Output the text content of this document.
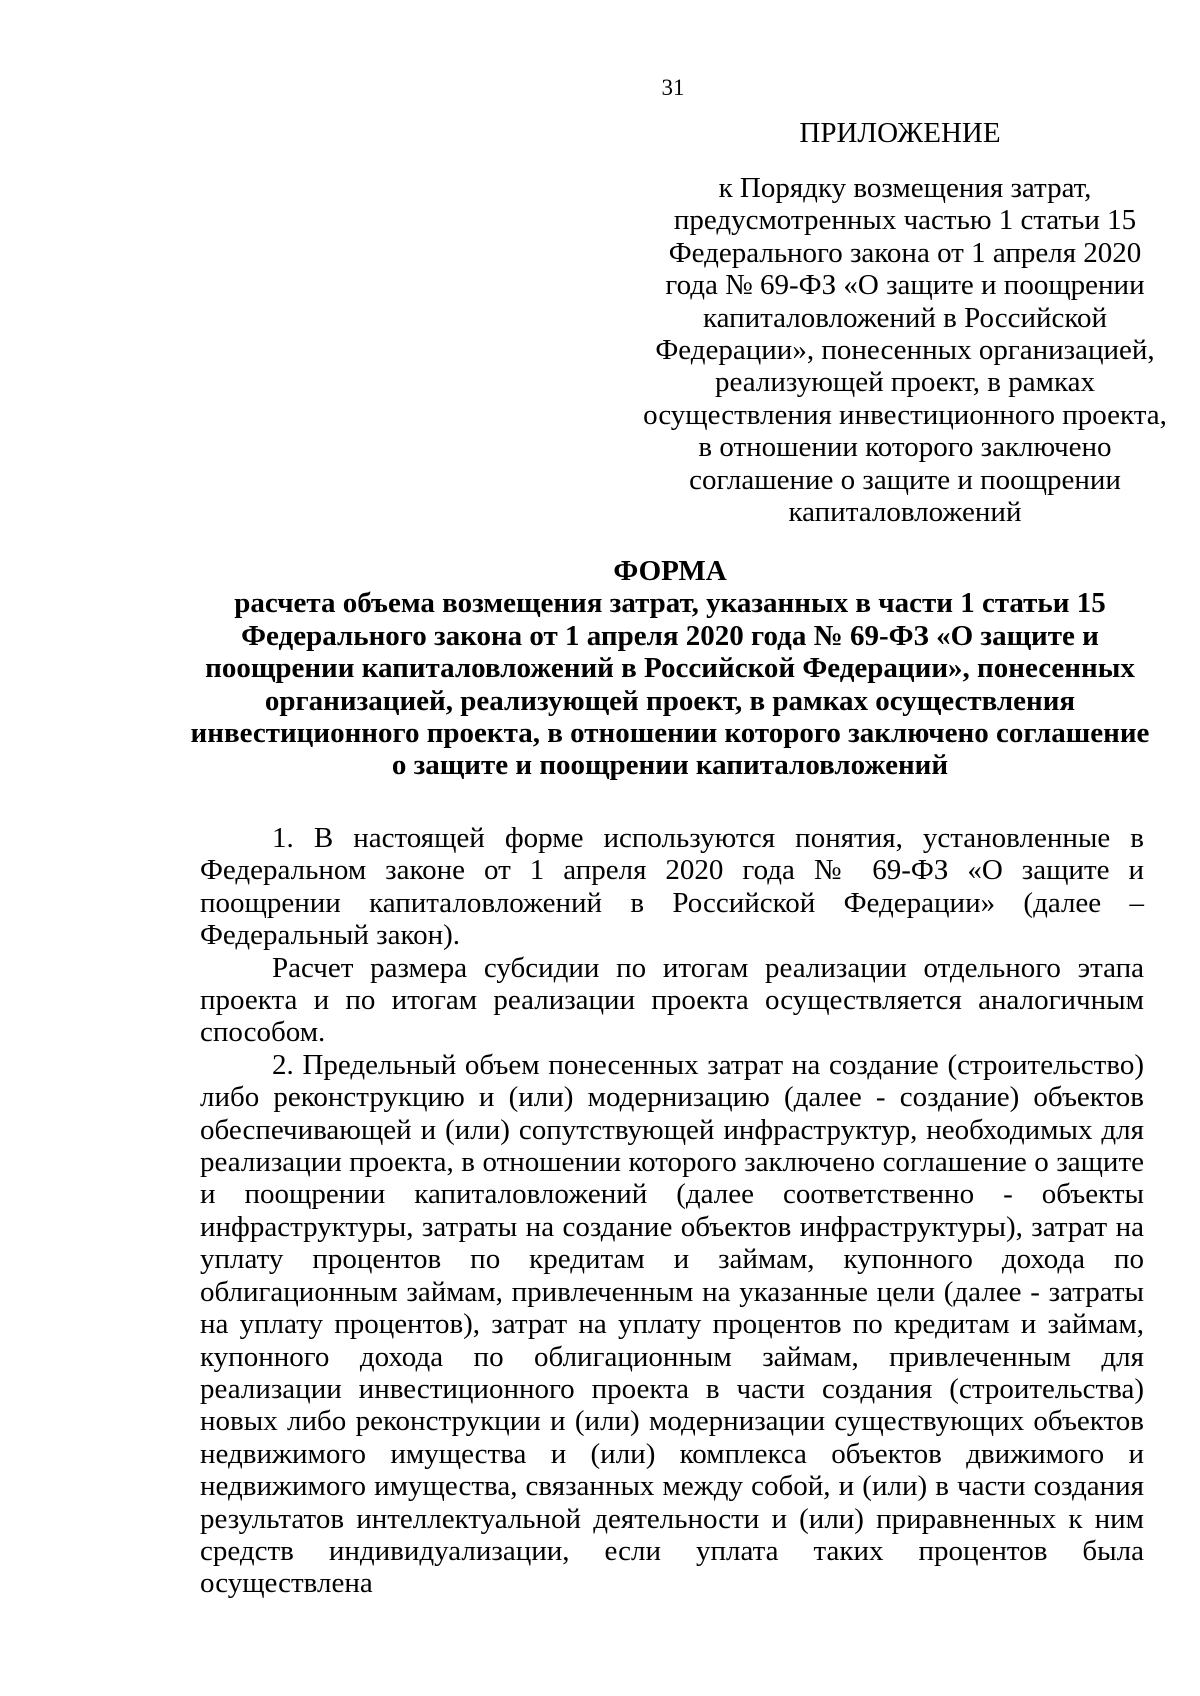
31
ПРИЛОЖЕНИЕ
к Порядку возмещения затрат, предусмотренных частью 1 статьи 15 Федерального закона от 1 апреля 2020 года № 69-ФЗ «О защите и поощрении капиталовложений в Российской Федерации», понесенных организацией, реализующей проект, в рамках осуществления инвестиционного проекта, в отношении которого заключено соглашение о защите и поощрении капиталовложений
ФОРМА
расчета объема возмещения затрат, указанных в части 1 статьи 15 Федерального закона от 1 апреля 2020 года № 69-ФЗ «О защите и поощрении капиталовложений в Российской Федерации», понесенных организацией, реализующей проект, в рамках осуществления инвестиционного проекта, в отношении которого заключено соглашение о защите и поощрении капиталовложений

1. В настоящей форме используются понятия, установленные в Федеральном законе от 1 апреля 2020 года № 69-ФЗ «О защите и поощрении капиталовложений в Российской Федерации» (далее – Федеральный закон).

Расчет размера субсидии по итогам реализации отдельного этапа проекта и по итогам реализации проекта осуществляется аналогичным способом.

2. Предельный объем понесенных затрат на создание (строительство) либо реконструкцию и (или) модернизацию (далее - создание) объектов обеспечивающей и (или) сопутствующей инфраструктур, необходимых для реализации проекта, в отношении которого заключено соглашение о защите и поощрении капиталовложений (далее соответственно - объекты инфраструктуры, затраты на создание объектов инфраструктуры), затрат на уплату процентов по кредитам и займам, купонного дохода по облигационным займам, привлеченным на указанные цели (далее - затраты на уплату процентов), затрат на уплату процентов по кредитам и займам, купонного дохода по облигационным займам, привлеченным для реализации инвестиционного проекта в части создания (строительства) новых либо реконструкции и (или) модернизации существующих объектов недвижимого имущества и (или) комплекса объектов движимого и недвижимого имущества, связанных между собой, и (или) в части создания результатов интеллектуальной деятельности и (или) приравненных к ним средств индивидуализации, если уплата таких процентов была осуществлена
